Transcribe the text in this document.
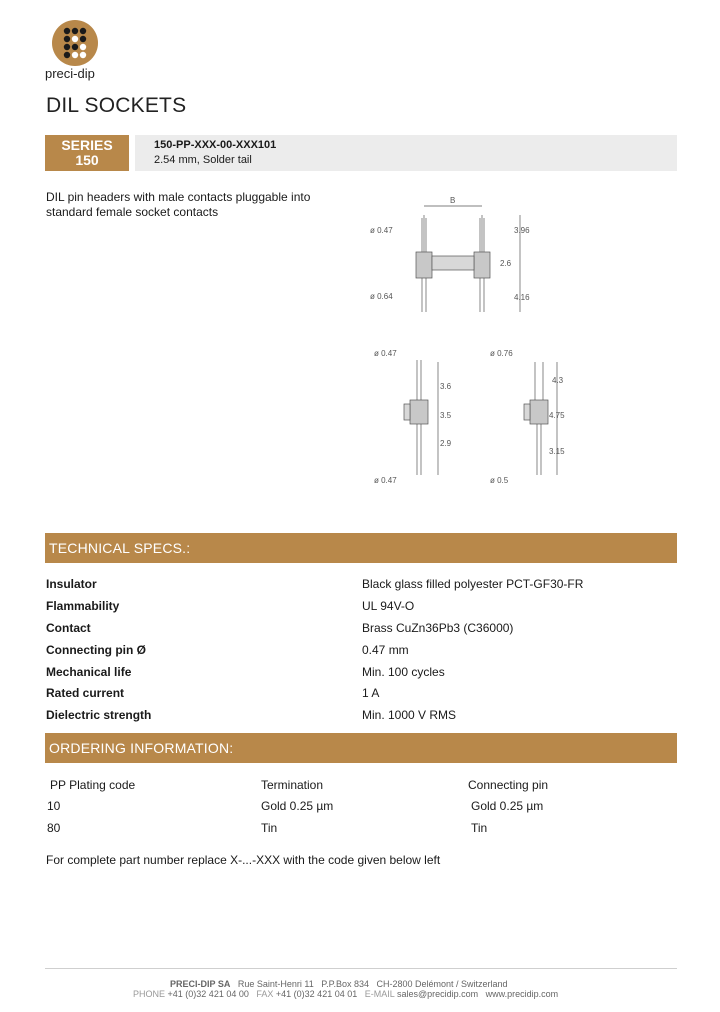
preci-dip
DIL SOCKETS
SERIES
150
150-PP-XXX-00-XXX101
2.54 mm, Solder tail
DIL pin headers with male contacts pluggable into
standard female socket contacts
ø 0.47
ø 0.64
B
3.96
2.6
4.16
ø 0.47
3.6
3.5
2.9
ø 0.47
ø 0.76
4.3
4.75
3.15
ø 0.5
TECHNICAL SPECS.:
Insulator	Black glass filled polyester PCT-GF30-FR
Flammability	UL 94V-O
Contact	Brass CuZn36Pb3 (C36000)
Connecting pin Ø	0.47 mm
Mechanical life	Min. 100 cycles
Rated current	1 A
Dielectric strength	Min. 1000 V RMS
ORDERING INFORMATION:
PP Plating code	Termination	Connecting pin
10	Gold 0.25 µm	Gold 0.25 µm
80	Tin	Tin
For complete part number replace X-...-XXX with the code given below left
PRECI-DIP SA Rue Saint-Henri 11 P.P.Box 834 CH-2800 Delémont / Switzerland
PHONE +41 (0)32 421 04 00 FAX +41 (0)32 421 04 01 E-MAIL sales@precidip.com www.precidip.com
